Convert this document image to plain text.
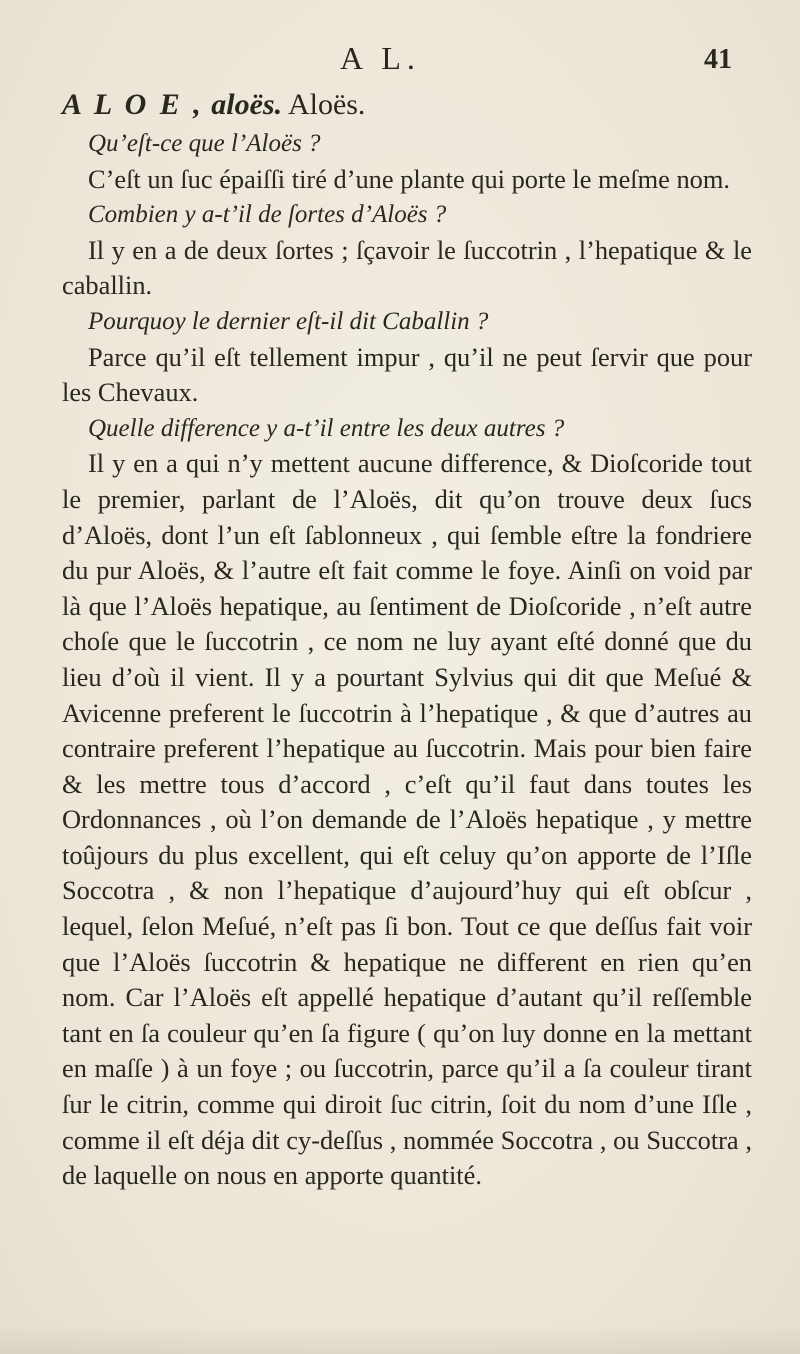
A L.	41

A L O E , aloës. Aloës.

Qu’eſt-ce que l’Aloës ?

C’eſt un ſuc épaiſſi tiré d’une plante qui porte le meſme nom.

Combien y a-t’il de ſortes d’Aloës ?

Il y en a de deux ſortes ; ſçavoir le ſuccotrin , l’hepatique & le caballin.

Pourquoy le dernier eſt-il dit Caballin ?

Parce qu’il eſt tellement impur , qu’il ne peut ſervir que pour les Chevaux.

Quelle difference y a-t’il entre les deux autres ?

Il y en a qui n’y mettent aucune difference, & Dioſcoride tout le premier, parlant de l’Aloës, dit qu’on trouve deux ſucs d’Aloës, dont l’un eſt ſablonneux , qui ſemble eſtre la fondriere du pur Aloës, & l’autre eſt fait comme le foye. Ainſi on void par là que l’Aloës hepatique, au ſentiment de Dioſcoride , n’eſt autre choſe que le ſuccotrin , ce nom ne luy ayant eſté donné que du lieu d’où il vient. Il y a pourtant Sylvius qui dit que Meſué & Avicenne preferent le ſuccotrin à l’hepatique , & que d’autres au contraire preferent l’hepatique au ſuccotrin. Mais pour bien faire & les mettre tous d’accord , c’eſt qu’il faut dans toutes les Ordonnances , où l’on demande de l’Aloës hepatique , y mettre toûjours du plus excellent, qui eſt celuy qu’on apporte de l’Iſle Soccotra , & non l’hepatique d’aujourd’huy qui eſt obſcur , lequel, ſelon Meſué, n’eſt pas ſi bon. Tout ce que deſſus fait voir que l’Aloës ſuccotrin & hepatique ne different en rien qu’en nom. Car l’Aloës eſt appellé hepatique d’autant qu’il reſſemble tant en ſa couleur qu’en ſa figure ( qu’on luy donne en la mettant en maſſe ) à un foye ; ou ſuccotrin, parce qu’il a ſa couleur tirant ſur le citrin, comme qui diroit ſuc citrin, ſoit du nom d’une Iſle , comme il eſt déja dit cy-deſſus , nommée Soccotra , ou Succotra , de laquelle on nous en apporte quantité.
